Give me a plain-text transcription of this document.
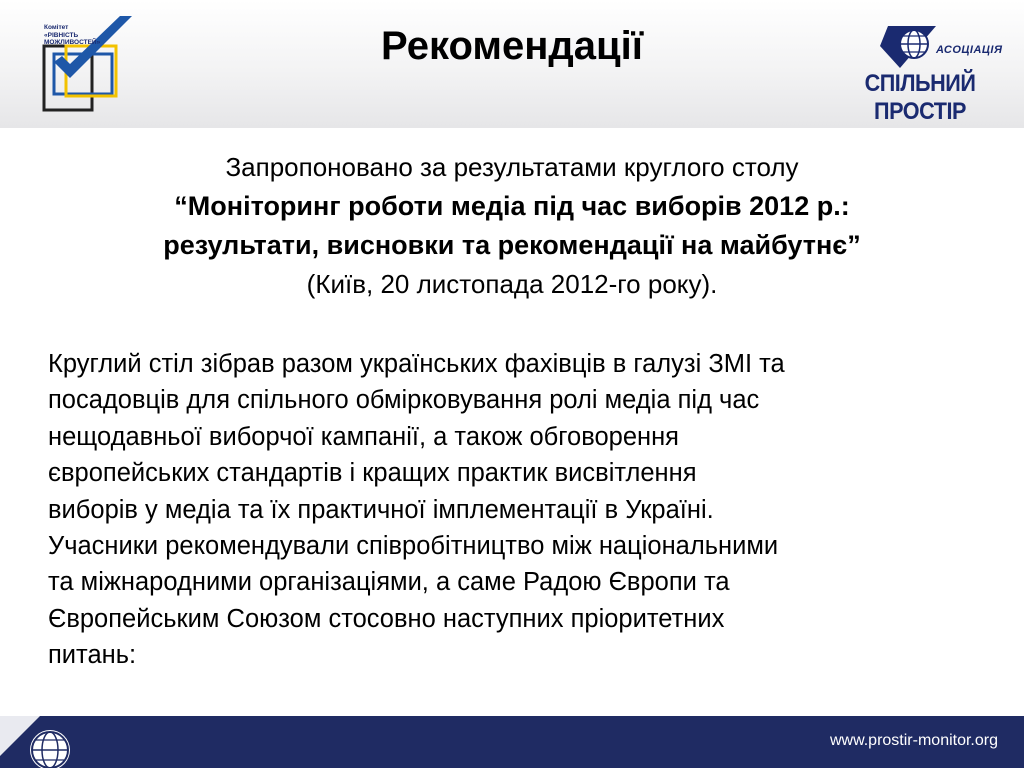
Комітет
«РІВНІСТЬ
МОЖЛИВОСТЕЙ»	Рекомендації	АСОЦІАЦІЯ
СПІЛЬНИЙ ПРОСТІР

Запропоновано за результатами круглого столу

“Моніторинг роботи медіа під час виборів 2012 р.:

результати, висновки та рекомендації на майбутнє”

(Київ, 20 листопада 2012-го року).

Круглий стіл зібрав разом українських фахівців в галузі ЗМІ та
посадовців для спільного обмірковування ролі медіа під час
нещодавньої виборчої кампанії, а також обговорення
європейських стандартів і кращих практик висвітлення
виборів у медіа та їх практичної імплементації в Україні.
Учасники рекомендували співробітництво між національними
та міжнародними організаціями, а саме Радою Європи та
Європейським Союзом стосовно наступних пріоритетних
питань:

www.prostir-monitor.org
